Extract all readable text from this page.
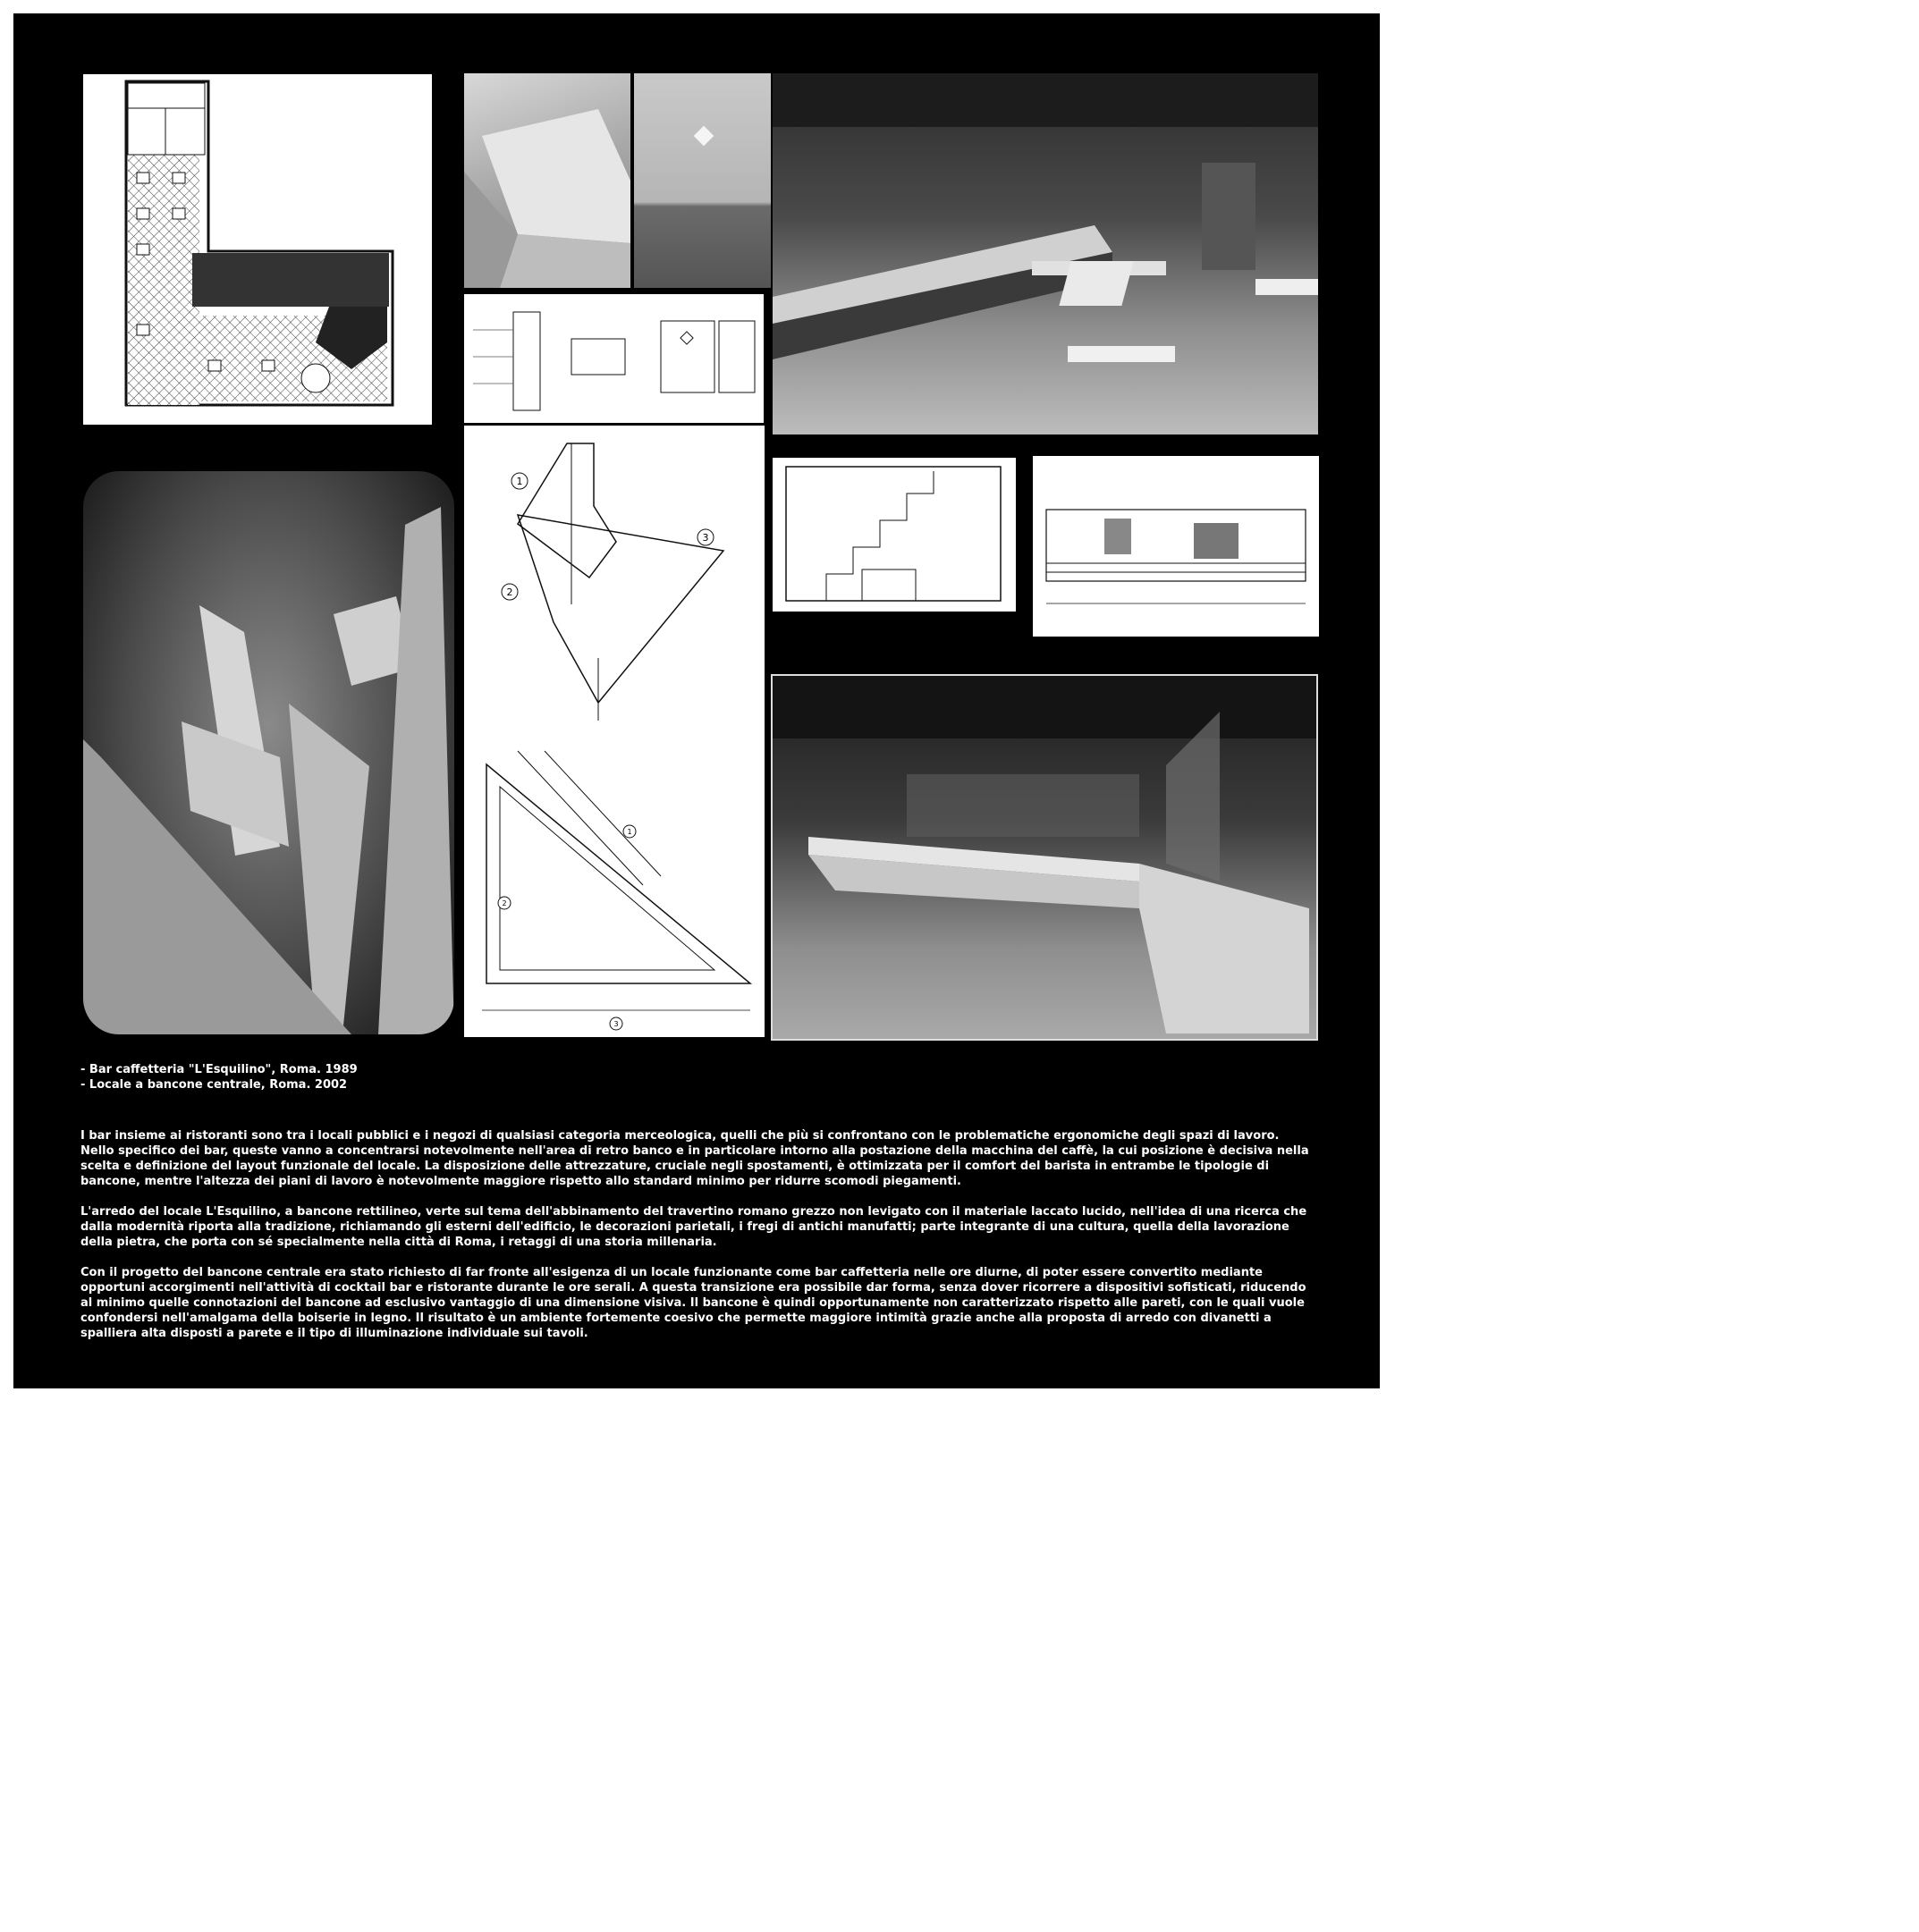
1
2
3
1
2
3
- Bar caffetteria "L'Esquilino", Roma. 1989
- Locale a bancone centrale, Roma. 2002

I bar insieme ai ristoranti sono tra i locali pubblici e i negozi di qualsiasi categoria merceologica, quelli che più si confrontano con le problematiche ergonomiche degli spazi di lavoro. Nello specifico dei bar, queste vanno a concentrarsi notevolmente nell'area di retro banco e in particolare intorno alla postazione della macchina del caffè, la cui posizione è decisiva nella scelta e definizione del layout funzionale del locale. La disposizione delle attrezzature, cruciale negli spostamenti, è ottimizzata per il comfort del barista in entrambe le tipologie di bancone, mentre l'altezza dei piani di lavoro è notevolmente maggiore rispetto allo standard minimo per ridurre scomodi piegamenti.

L'arredo del locale L'Esquilino, a bancone rettilineo, verte sul tema dell'abbinamento del travertino romano grezzo non levigato con il materiale laccato lucido, nell'idea di una ricerca che dalla modernità riporta alla tradizione, richiamando gli esterni dell'edificio, le decorazioni parietali, i fregi di antichi manufatti; parte integrante di una cultura, quella della lavorazione della pietra, che porta con sé specialmente nella città di Roma, i retaggi di una storia millenaria.

Con il progetto del bancone centrale era stato richiesto di far fronte all'esigenza di un locale funzionante come bar caffetteria nelle ore diurne, di poter essere convertito mediante opportuni accorgimenti nell'attività di cocktail bar e ristorante durante le ore serali. A questa transizione era possibile dar forma, senza dover ricorrere a dispositivi sofisticati, riducendo al minimo quelle connotazioni del bancone ad esclusivo vantaggio di una dimensione visiva. Il bancone è quindi opportunamente non caratterizzato rispetto alle pareti, con le quali vuole confondersi nell'amalgama della boiserie in legno. Il risultato è un ambiente fortemente coesivo che permette maggiore intimità grazie anche alla proposta di arredo con divanetti a spalliera alta disposti a parete e il tipo di illuminazione individuale sui tavoli.
